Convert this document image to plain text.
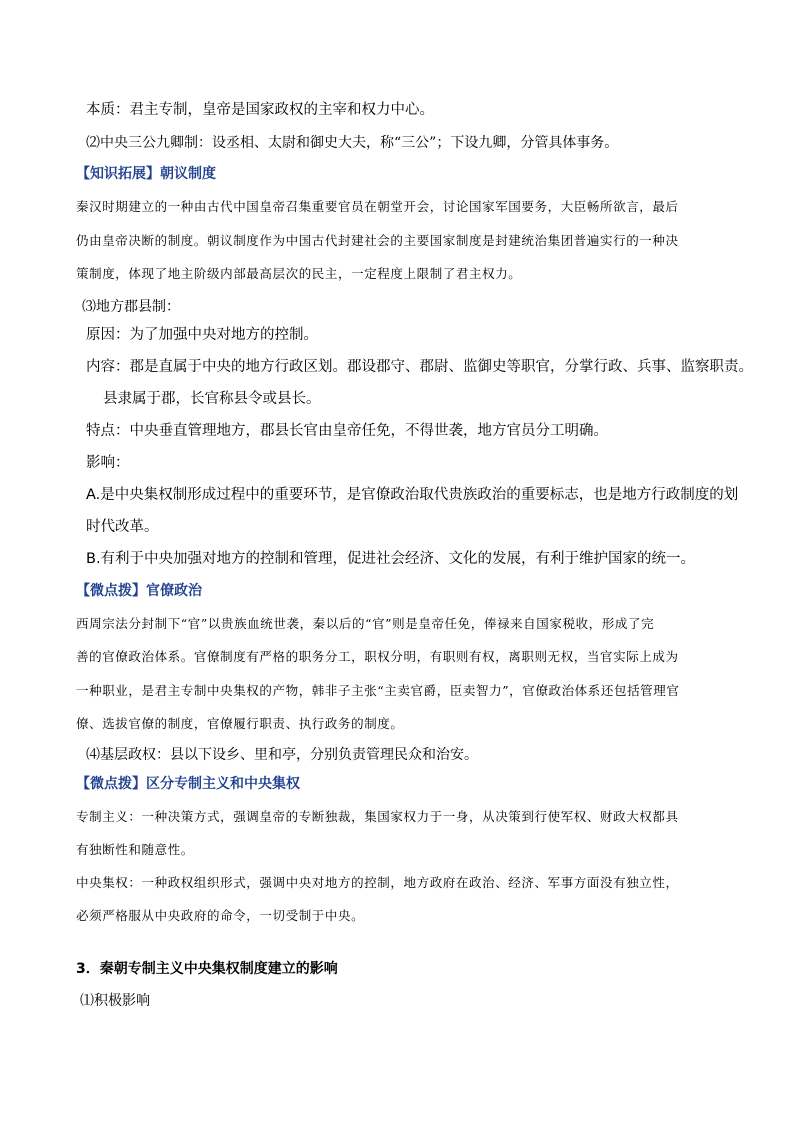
本质：君主专制，皇帝是国家政权的主宰和权力中心。
⑵中央三公九卿制：设丞相、太尉和御史大夫，称“三公”；下设九卿，分管具体事务。
【知识拓展】朝议制度
秦汉时期建立的一种由古代中国皇帝召集重要官员在朝堂开会，讨论国家军国要务，大臣畅所欲言，最后
仍由皇帝决断的制度。朝议制度作为中国古代封建社会的主要国家制度是封建统治集团普遍实行的一种决
策制度，体现了地主阶级内部最高层次的民主，一定程度上限制了君主权力。
⑶地方郡县制：
原因：为了加强中央对地方的控制。
内容：郡是直属于中央的地方行政区划。郡设郡守、郡尉、监御史等职官，分掌行政、兵事、监察职责。
县隶属于郡，长官称县令或县长。
特点：中央垂直管理地方，郡县长官由皇帝任免，不得世袭，地方官员分工明确。
影响：
A.是中央集权制形成过程中的重要环节，是官僚政治取代贵族政治的重要标志，也是地方行政制度的划
时代改革。
B.有利于中央加强对地方的控制和管理，促进社会经济、文化的发展，有利于维护国家的统一。
【微点拨】官僚政治
西周宗法分封制下“官”以贵族血统世袭，秦以后的“官”则是皇帝任免，俸禄来自国家税收，形成了完
善的官僚政治体系。官僚制度有严格的职务分工，职权分明，有职则有权，离职则无权，当官实际上成为
一种职业，是君主专制中央集权的产物，韩非子主张“主卖官爵，臣卖智力”，官僚政治体系还包括管理官
僚、选拔官僚的制度，官僚履行职责、执行政务的制度。
⑷基层政权：县以下设乡、里和亭，分别负责管理民众和治安。
【微点拨】区分专制主义和中央集权
专制主义：一种决策方式，强调皇帝的专断独裁，集国家权力于一身，从决策到行使军权、财政大权都具
有独断性和随意性。
中央集权：一种政权组织形式，强调中央对地方的控制，地方政府在政治、经济、军事方面没有独立性，
必须严格服从中央政府的命令，一切受制于中央。
3．秦朝专制主义中央集权制度建立的影响
⑴积极影响
